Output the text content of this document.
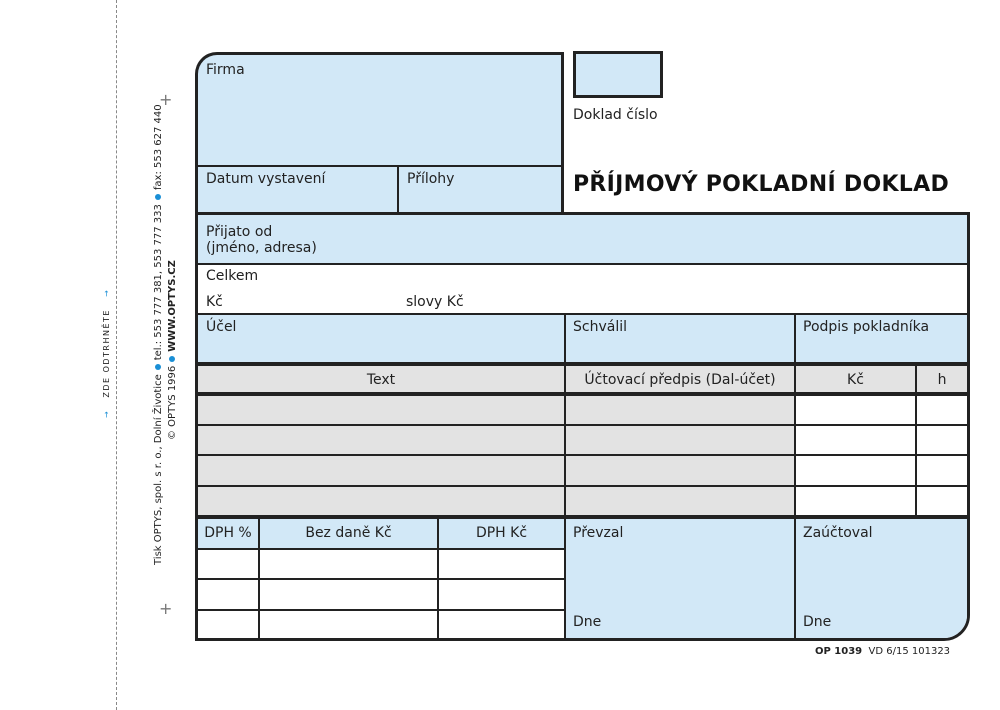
→   ZDE ODTRHNĚTE   →
+
+
Tisk OPTYS, spol. s r. o., Dolní Životicetel.: 553 777 381, 553 777 333fax: 553 627 440
© OPTYS 1996WWW.OPTYS.CZ
Firma
Datum vystavení	Přílohy
Doklad číslo
PŘÍJMOVÝ POKLADNÍ DOKLAD
Přijato od
(jméno, adresa)
Celkem
Kč	slovy Kč
Účel	Schválil	Podpis pokladníka
Text	Účtovací předpis (Dal-účet)	Kč	h
DPH %	Bez daně Kč	DPH Kč	Převzal	Zaúčtoval
Dne	Dne
OP 1039 VD 6/15 101323
